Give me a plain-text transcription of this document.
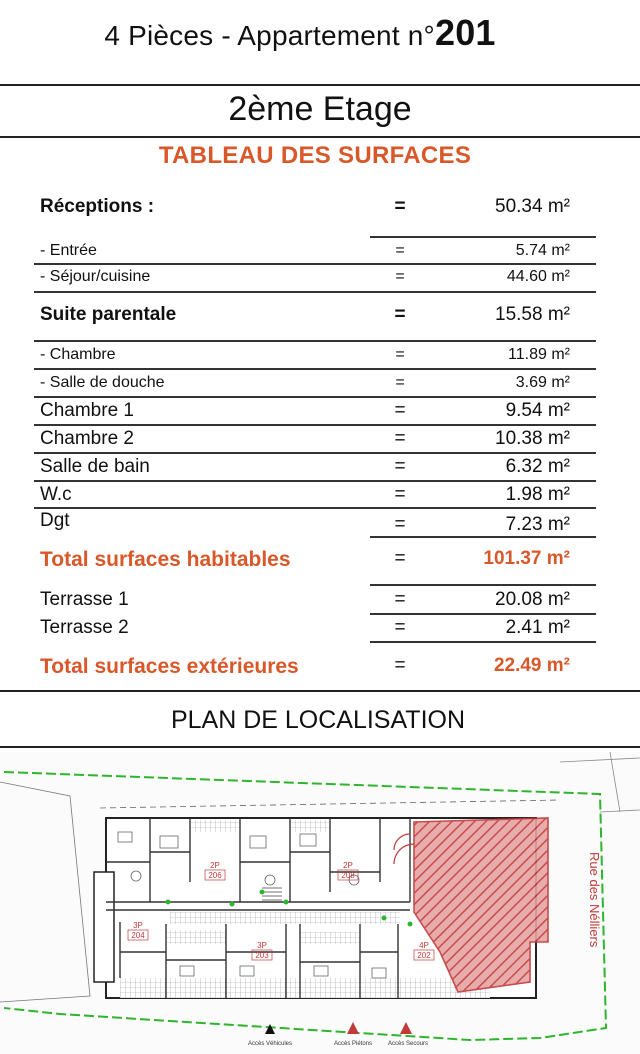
4 Pièces - Appartement n°201
2ème Etage
TABLEAU DES SURFACES
Réceptions :	=	50.34 m²
- Entrée	=	5.74 m²
- Séjour/cuisine	=	44.60 m²
Suite parentale	=	15.58 m²
- Chambre	=	11.89 m²
- Salle de douche	=	3.69 m²
Chambre 1	=	9.54 m²
Chambre 2	=	10.38 m²
Salle de bain	=	6.32 m²
W.c	=	1.98 m²
Dgt	=	7.23 m²
Total surfaces habitables	=	101.37 m²
Terrasse 1	=	20.08 m²
Terrasse 2	=	2.41 m²
Total surfaces extérieures	=	22.49 m²
PLAN DE LOCALISATION
2P
206
2P
208
3P
204
3P
203
4P
202
Rue des Nélliers
Accès Véhicules	Accès Piétons	Accès Secours
